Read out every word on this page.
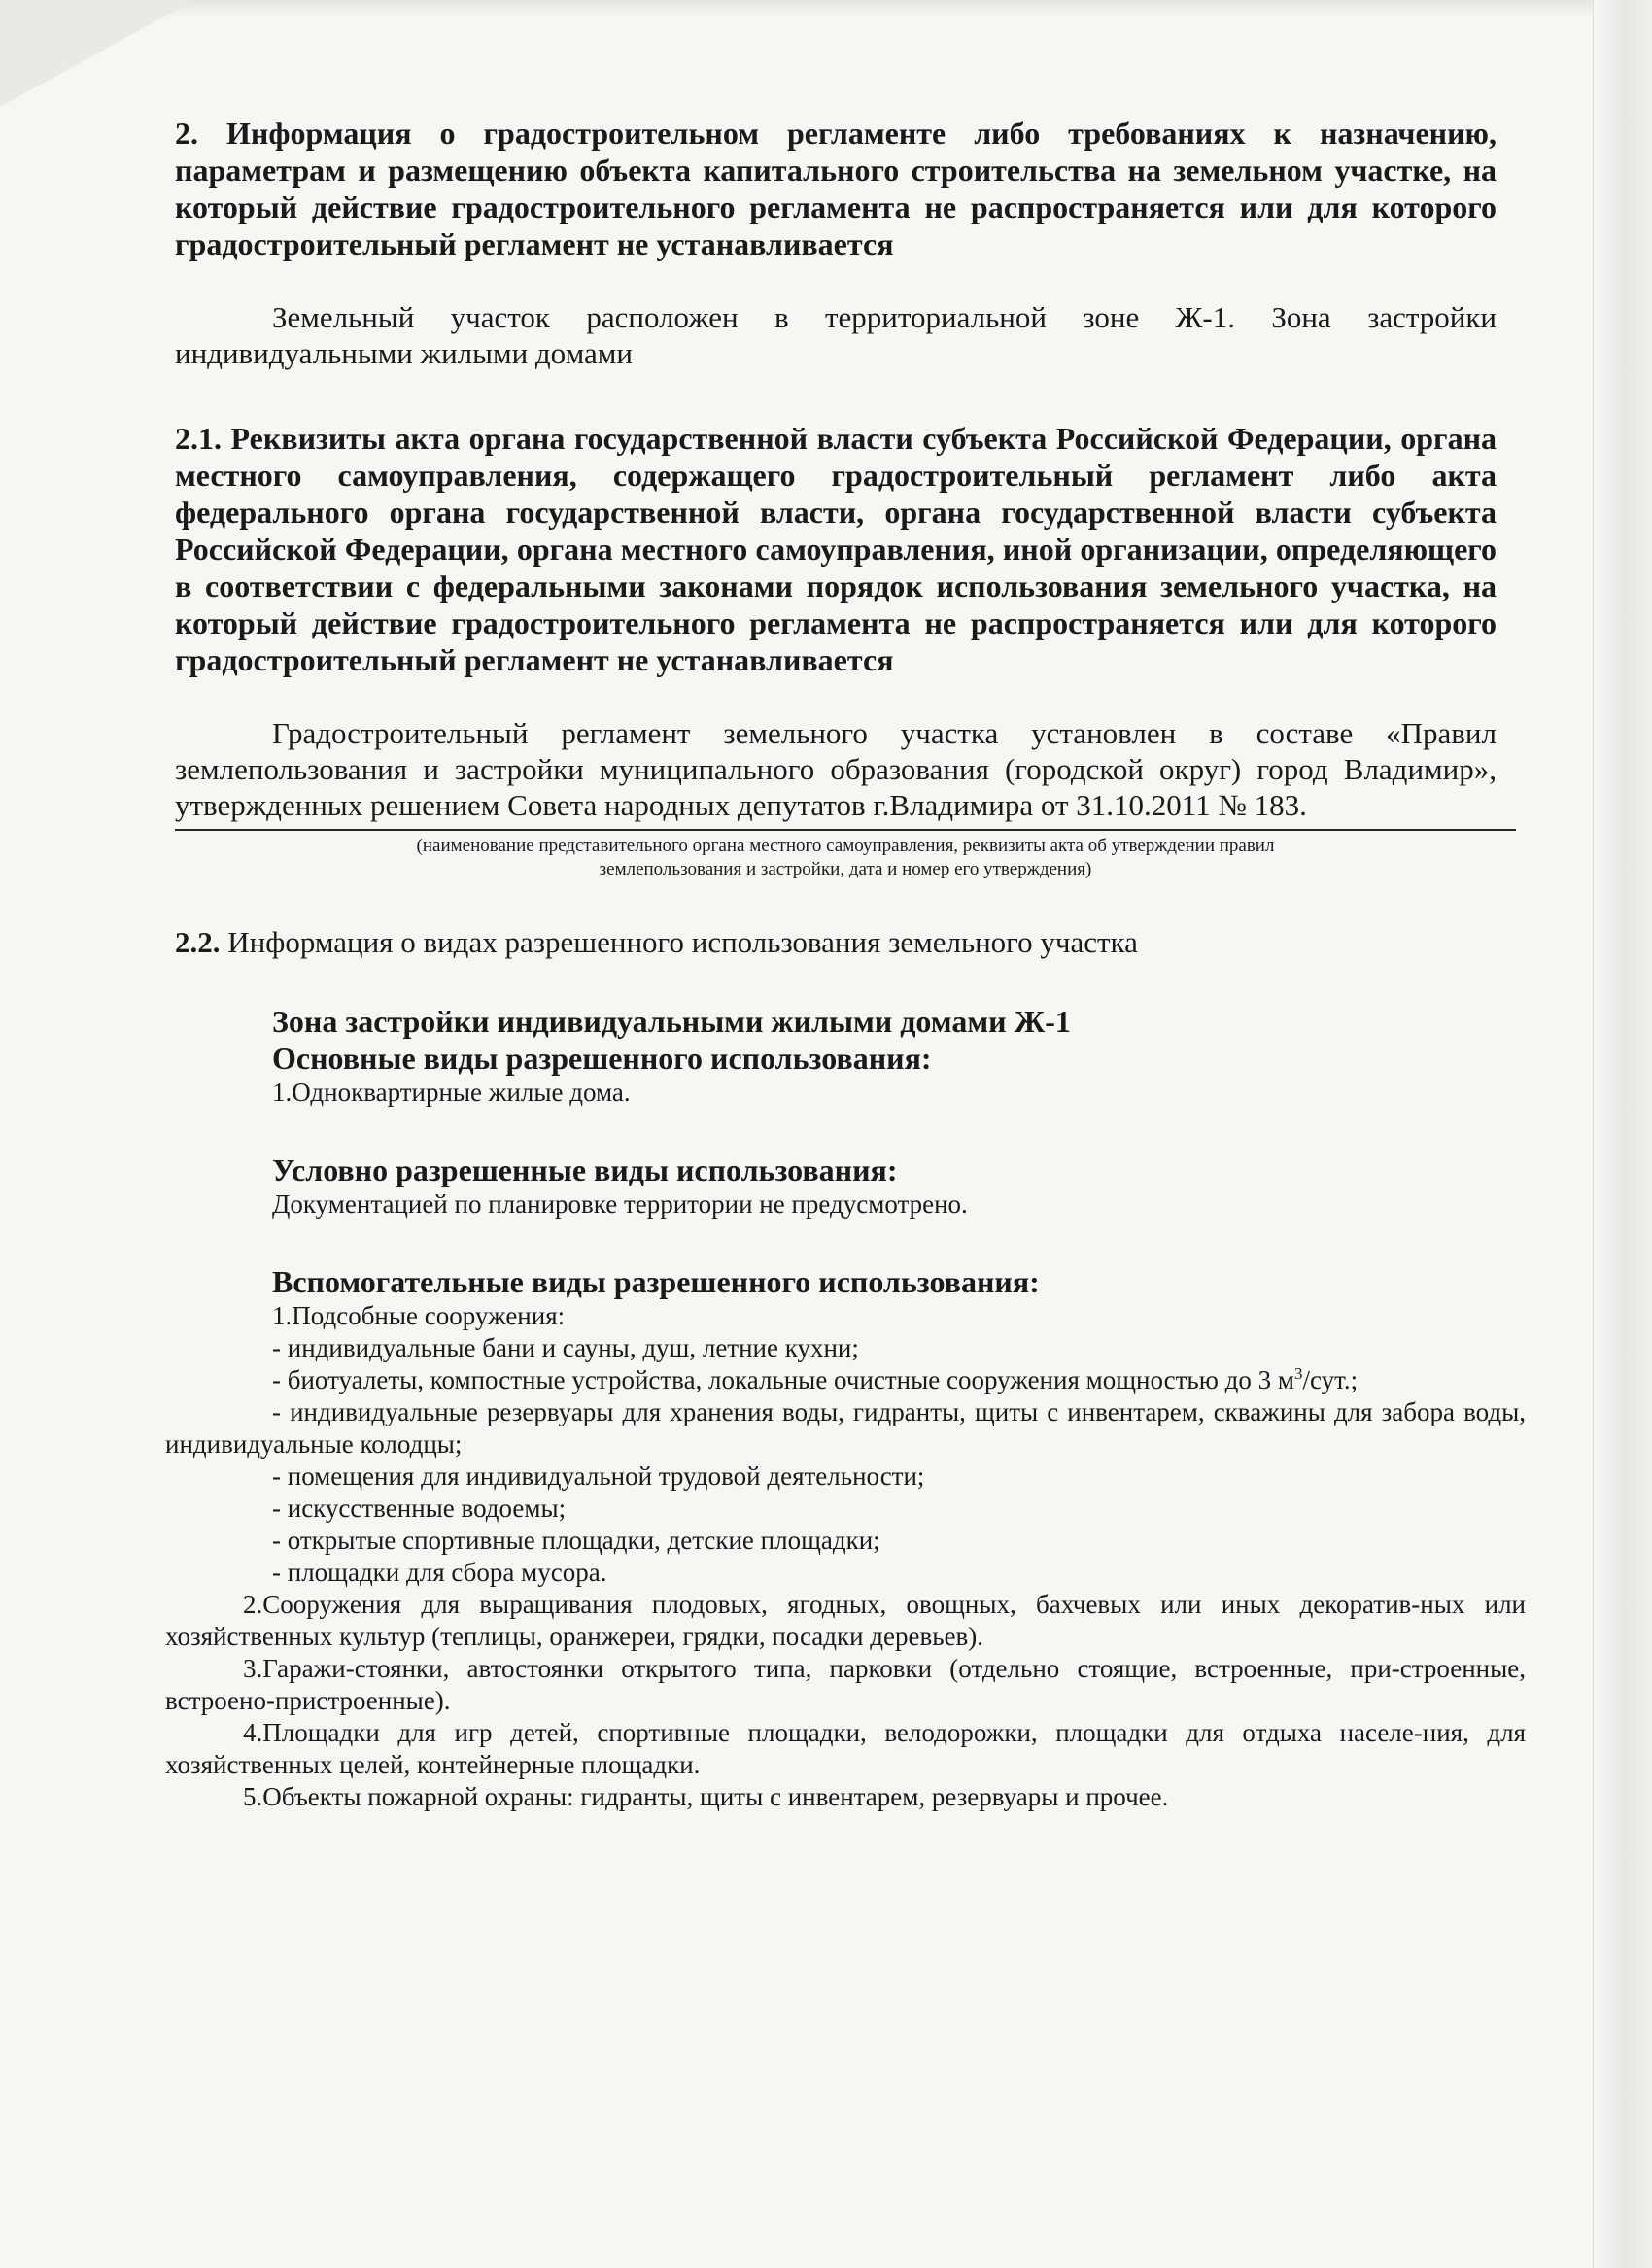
2. Информация о градостроительном регламенте либо требованиях к назначению, параметрам и размещению объекта капитального строительства на земельном участке, на который действие градостроительного регламента не распространяется или для которого градостроительный регламент не устанавливается

Земельный участок расположен в территориальной зоне Ж-1. Зона застройки индивидуальными жилыми домами

2.1. Реквизиты акта органа государственной власти субъекта Российской Федерации, органа местного самоуправления, содержащего градостроительный регламент либо акта федерального органа государственной власти, органа государственной власти субъекта Российской Федерации, органа местного самоуправления, иной организации, определяющего в соответствии с федеральными законами порядок использования земельного участка, на который действие градостроительного регламента не распространяется или для которого градостроительный регламент не устанавливается

Градостроительный регламент земельного участка установлен в составе «Правил землепользования и застройки муниципального образования (городской округ) город Владимир», утвержденных решением Совета народных депутатов г.Владимира от 31.10.2011 № 183.

(наименование представительного органа местного самоуправления, реквизиты акта об утверждении правил

землепользования и застройки, дата и номер его утверждения)

2.2. Информация о видах разрешенного использования земельного участка

Зона застройки индивидуальными жилыми домами Ж-1

Основные виды разрешенного использования:

1.Одноквартирные жилые дома.

Условно разрешенные виды использования:

Документацией по планировке территории не предусмотрено.

Вспомогательные виды разрешенного использования:

1.Подсобные сооружения:

- индивидуальные бани и сауны, душ, летние кухни;

- биотуалеты, компостные устройства, локальные очистные сооружения мощностью до 3 $м^3$/сут.;

- индивидуальные резервуары для хранения воды, гидранты, щиты с инвентарем, скважины для забора воды, индивидуальные колодцы;

- помещения для индивидуальной трудовой деятельности;

- искусственные водоемы;

- открытые спортивные площадки, детские площадки;

- площадки для сбора мусора.

2.Сооружения для выращивания плодовых, ягодных, овощных, бахчевых или иных декоратив-ных или хозяйственных культур (теплицы, оранжереи, грядки, посадки деревьев).

3.Гаражи-стоянки, автостоянки открытого типа, парковки (отдельно стоящие, встроенные, при-строенные, встроено-пристроенные).

4.Площадки для игр детей, спортивные площадки, велодорожки, площадки для отдыха населе-ния, для хозяйственных целей, контейнерные площадки.

5.Объекты пожарной охраны: гидранты, щиты с инвентарем, резервуары и прочее.
